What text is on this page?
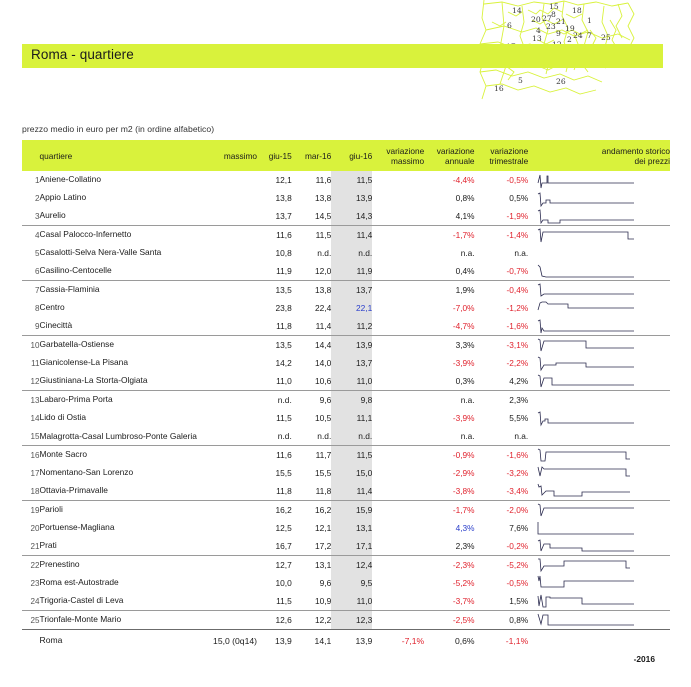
14	15 18
8
20 27 21	1
6	23 19
4 9 24 7 25
13	2
5	26
16
Roma - quartiere
prezzo medio in euro per m2 (in ordine alfabetico)
	quartiere	massimo	giu-15	mar-16	giu-16	variazione
massimo

variazione
annuale

variazione
trimestrale

andamento storico
dei prezzi

1	Aniene-Collatino		12,1	11,6	11,5		-4,4%	-0,5%	

2	Appio Latino		13,8	13,8	13,9		0,8%	0,5%	

3	Aurelio		13,7	14,5	14,3		4,1%	-1,9%	

4	Casal Palocco-Infernetto		11,6	11,5	11,4		-1,7%	-1,4%	

5	Casalotti-Selva Nera-Valle Santa		10,8	n.d.	n.d.		n.a.	n.a.	
6	Casilino-Centocelle		11,9	12,0	11,9		0,4%	-0,7%	

7	Cassia-Flaminia		13,5	13,8	13,7		1,9%	-0,4%	

8	Centro		23,8	22,4	22,1		-7,0%	-1,2%	

9	Cinecittà		11,8	11,4	11,2		-4,7%	-1,6%	

10	Garbatella-Ostiense		13,5	14,4	13,9		3,3%	-3,1%	

11	Gianicolense-La Pisana		14,2	14,0	13,7		-3,9%	-2,2%	

12	Giustiniana-La Storta-Olgiata		11,0	10,6	11,0		0,3%	4,2%	

13	Labaro-Prima Porta		n.d.	9,6	9,8		n.a.	2,3%	
14	Lido di Ostia		11,5	10,5	11,1		-3,9%	5,5%	

15	Malagrotta-Casal Lumbroso-Ponte Galeria		n.d.	n.d.	n.d.		n.a.	n.a.	
16	Monte Sacro		11,6	11,7	11,5		-0,9%	-1,6%	

17	Nomentano-San Lorenzo		15,5	15,5	15,0		-2,9%	-3,2%	

18	Ottavia-Primavalle		11,8	11,8	11,4		-3,8%	-3,4%	

19	Parioli		16,2	16,2	15,9		-1,7%	-2,0%	

20	Portuense-Magliana		12,5	12,1	13,1		4,3%	7,6%	

21	Prati		16,7	17,2	17,1		2,3%	-0,2%	

22	Prenestino		12,7	13,1	12,4		-2,3%	-5,2%	

23	Roma est-Autostrade		10,0	9,6	9,5		-5,2%	-0,5%	

24	Trigoria-Castel di Leva		11,5	10,9	11,0		-3,7%	1,5%	

25	Trionfale-Monte Mario		12,6	12,2	12,3		-2,5%	0,8%	

	Roma	15,0 (0q14)	13,9	14,1	13,9	-7,1%	0,6%	-1,1%	
-2016
